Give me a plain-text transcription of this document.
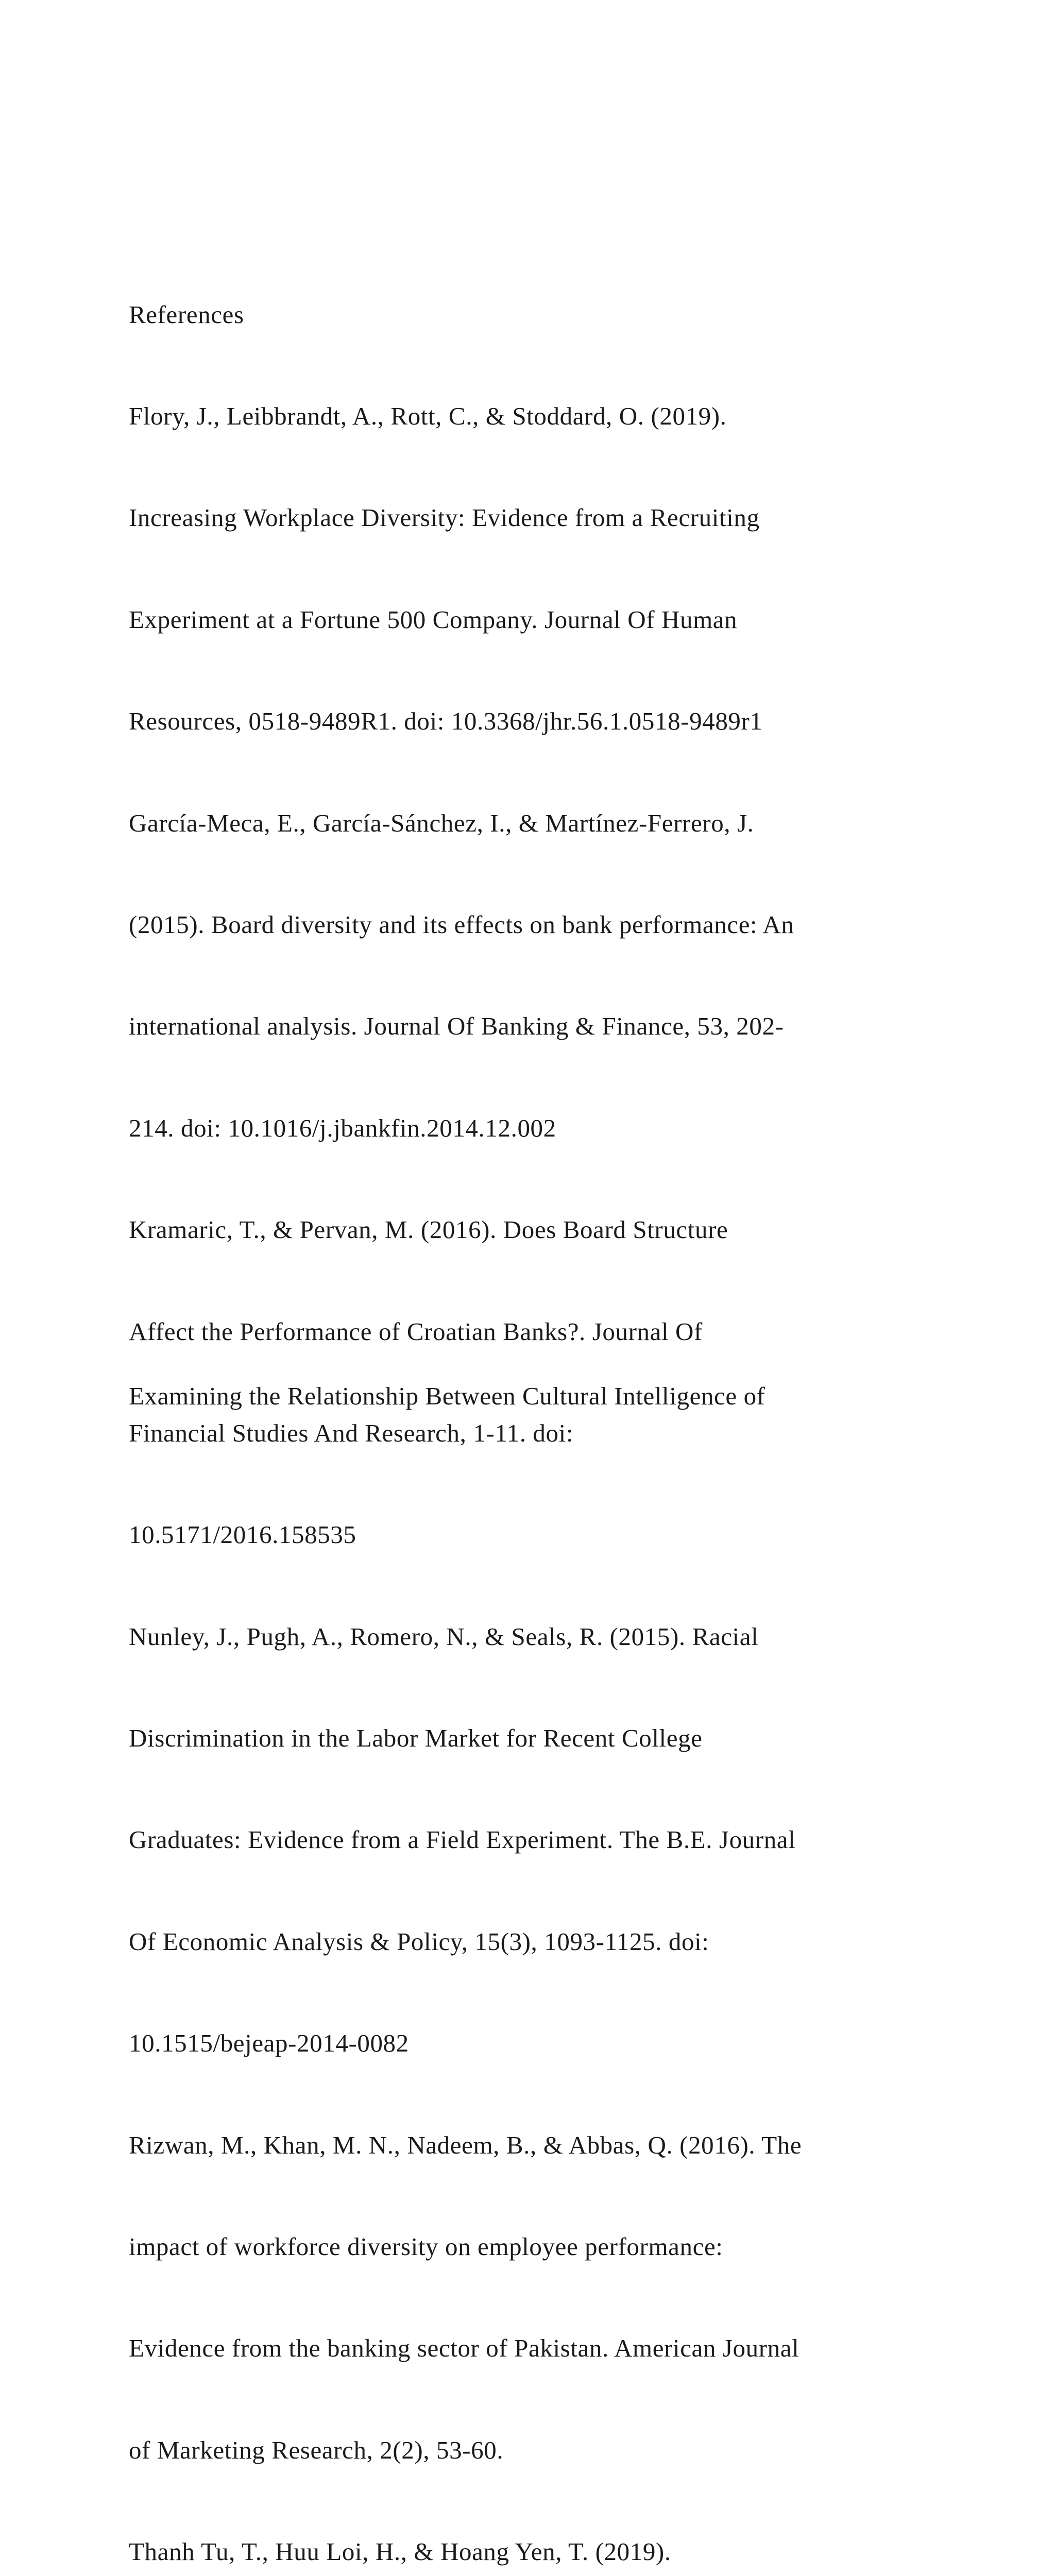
References

Flory, J., Leibbrandt, A., Rott, C., & Stoddard, O. (2019).

Increasing Workplace Diversity: Evidence from a Recruiting

Experiment at a Fortune 500 Company. Journal Of Human

Resources, 0518-9489R1. doi: 10.3368/jhr.56.1.0518-9489r1

García-Meca, E., García-Sánchez, I., & Martínez-Ferrero, J.

(2015). Board diversity and its effects on bank performance: An

international analysis. Journal Of Banking & Finance, 53, 202-

214. doi: 10.1016/j.jbankfin.2014.12.002

Kramaric, T., & Pervan, M. (2016). Does Board Structure

Affect the Performance of Croatian Banks?. Journal Of

Financial Studies And Research, 1-11. doi:

10.5171/2016.158535

Nunley, J., Pugh, A., Romero, N., & Seals, R. (2015). Racial

Discrimination in the Labor Market for Recent College

Graduates: Evidence from a Field Experiment. The B.E. Journal

Of Economic Analysis & Policy, 15(3), 1093-1125. doi:

10.1515/bejeap-2014-0082

Rizwan, M., Khan, M. N., Nadeem, B., & Abbas, Q. (2016). The

impact of workforce diversity on employee performance:

Evidence from the banking sector of Pakistan. American Journal

of Marketing Research, 2(2), 53-60.

Thanh Tu, T., Huu Loi, H., & Hoang Yen, T. (2019).

Examining the Relationship Between Cultural Intelligence of
